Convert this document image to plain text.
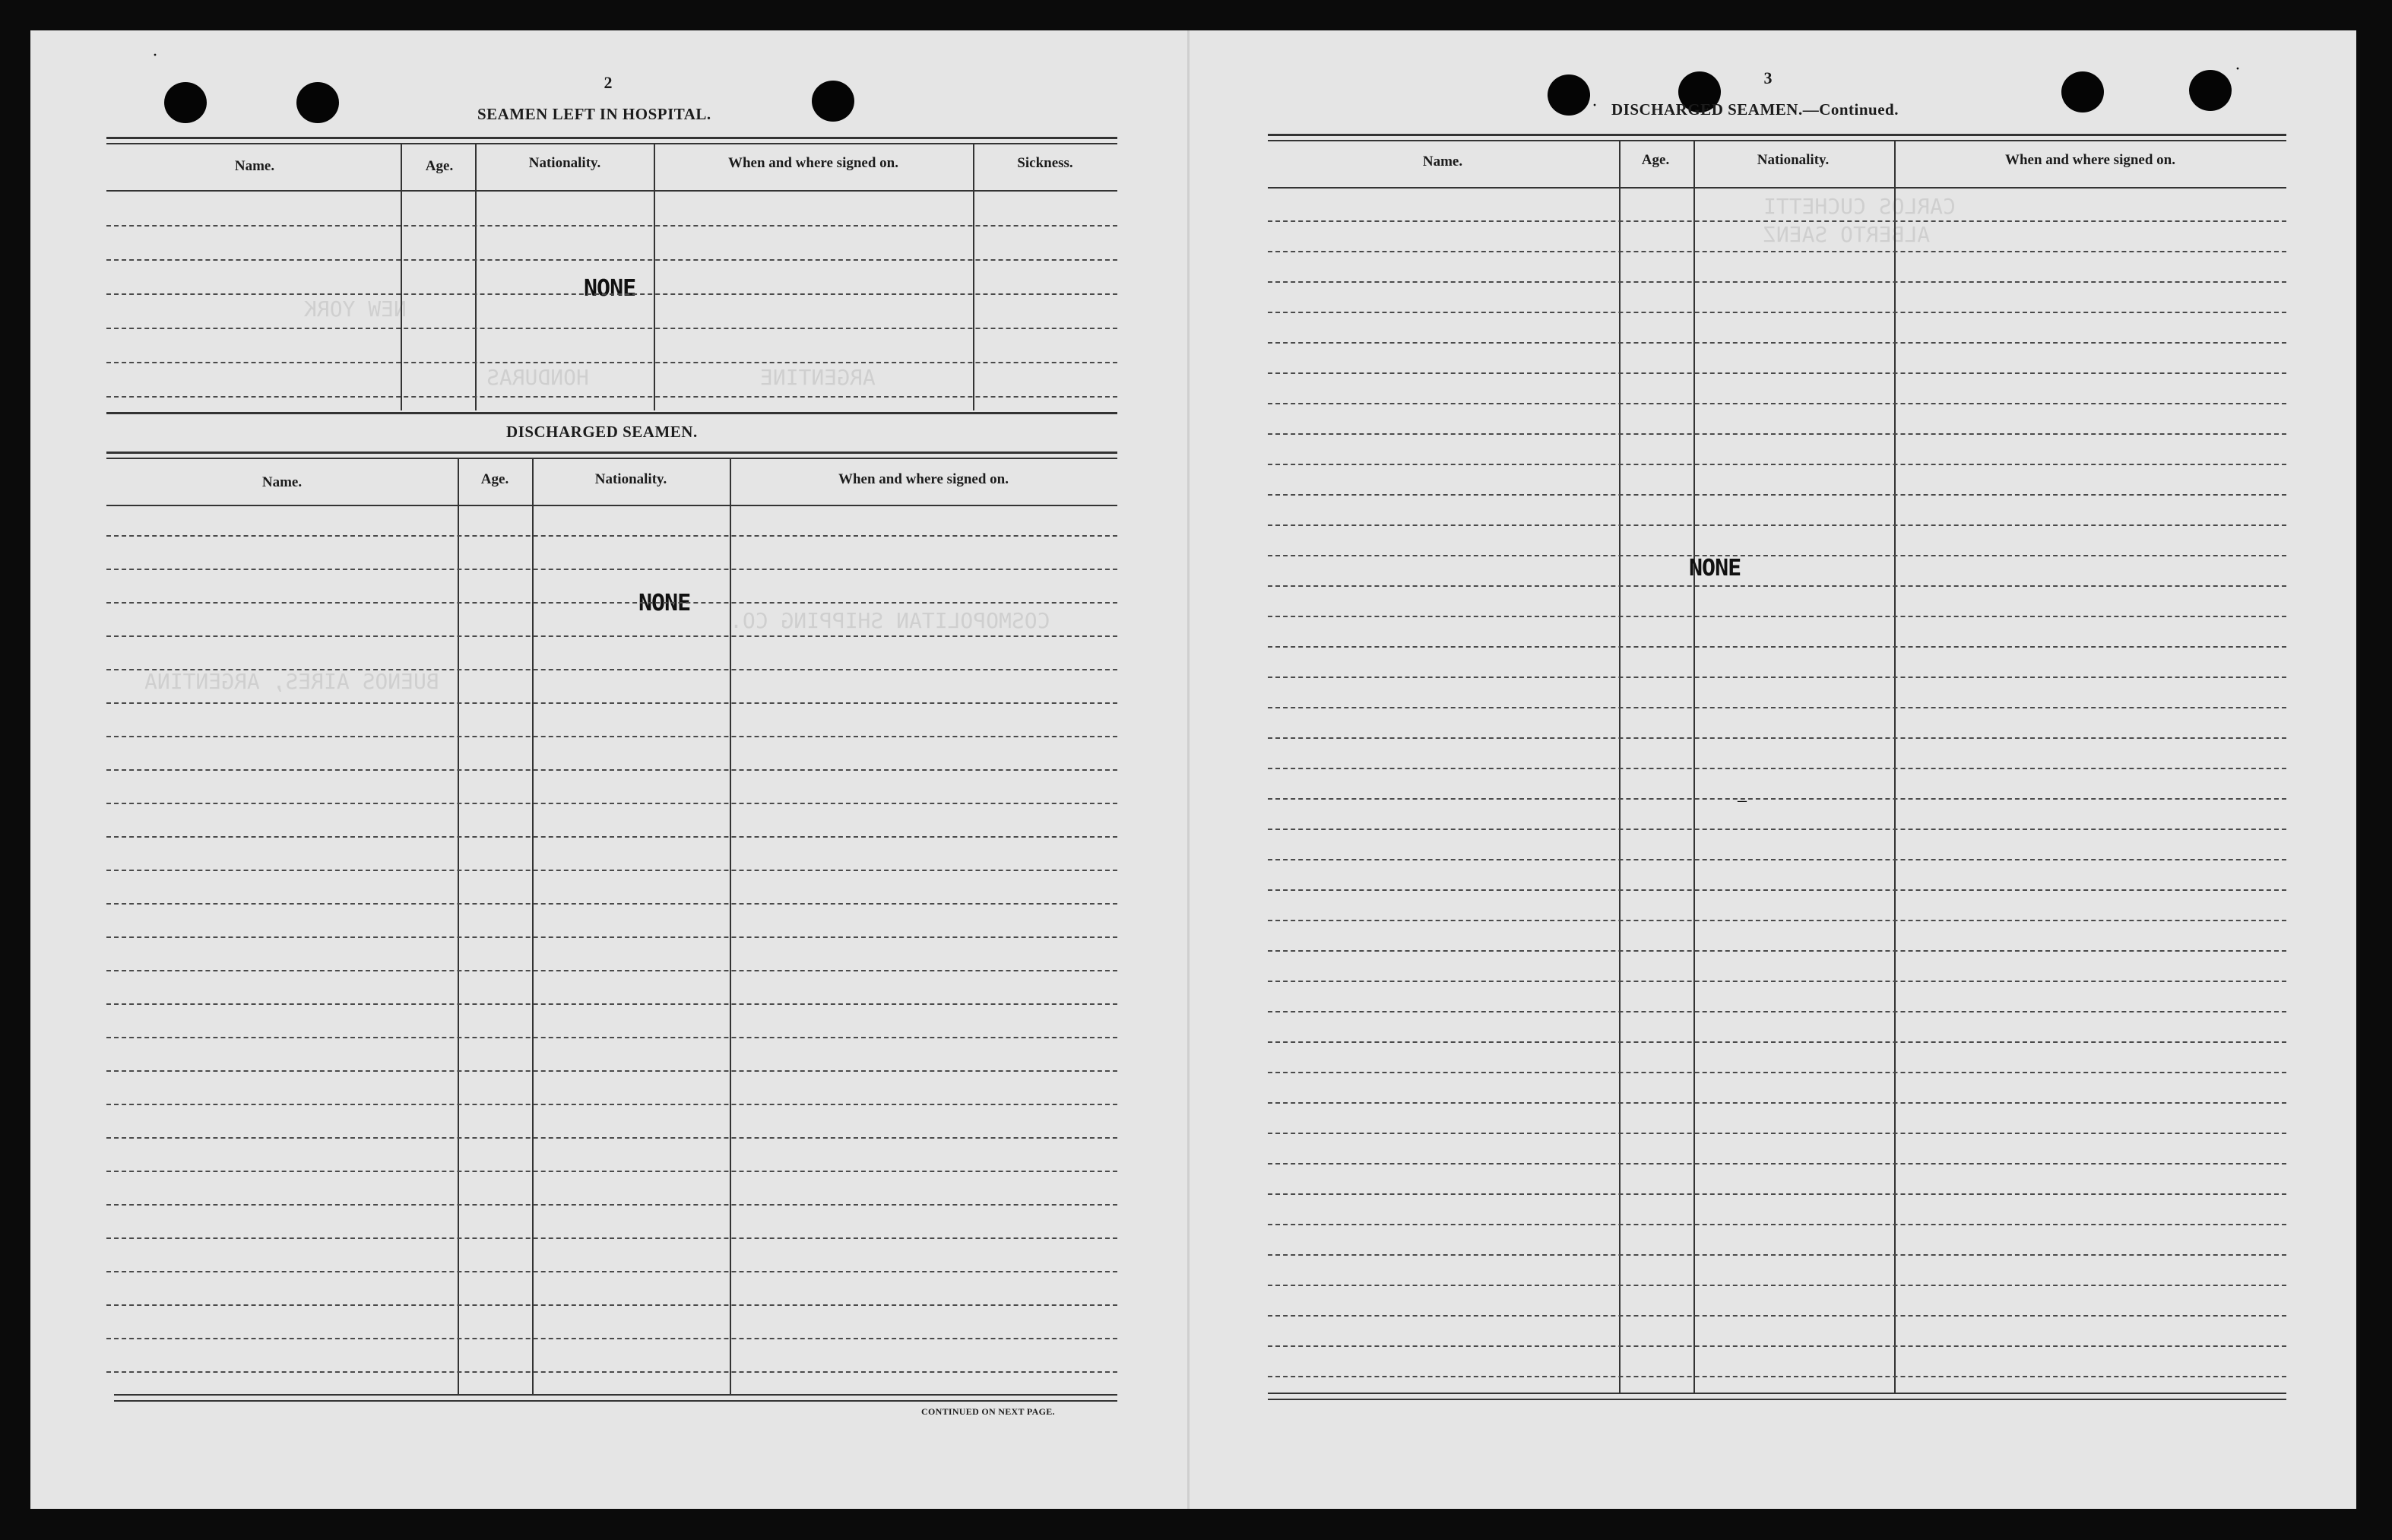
·
·
CARLOS CUCHETTI
ALBERTO SAENZ
NEW YORK
HONDURAS	ARGENTINE
BUENOS AIRES, ARGENTINA
COSMOPOLITAN SHIPPING CO.
2
SEAMEN LEFT IN HOSPITAL.
Name.	Age.	Nationality.	When and where signed on.	Sickness.
NONE
DISCHARGED SEAMEN.
Name.	Age.	Nationality.	When and where signed on.
NONE
CONTINUED ON NEXT PAGE.
3
· DISCHARGED SEAMEN.—Continued.
Name.	Age.	Nationality.	When and where signed on.
NONE
–
